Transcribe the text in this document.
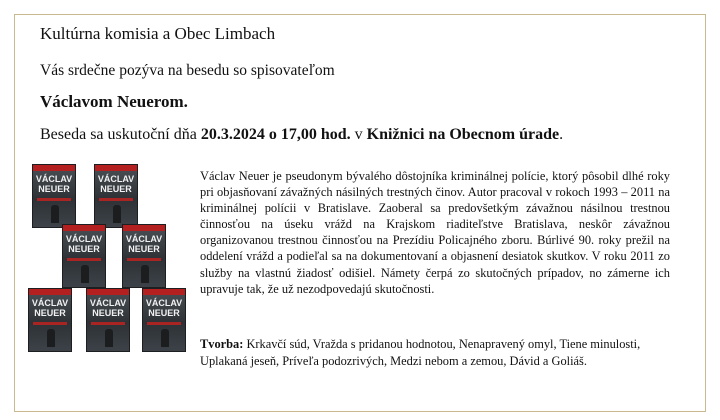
Kultúrna komisia a Obec Limbach
Vás srdečne pozýva na besedu so spisovateľom
Václavom Neuerom.
Beseda sa uskutoční dňa 20.3.2024 o 17,00 hod. v Knižnici na Obecnom úrade.
VÁCLAV
NEUER
VÁCLAV
NEUER
VÁCLAV
NEUER
VÁCLAV
NEUER
VÁCLAV
NEUER
VÁCLAV
NEUER
VÁCLAV
NEUER
Václav Neuer je pseudonym bývalého dôstojníka kriminálnej polície, ktorý pôsobil dlhé roky pri objasňovaní závažných násilných trestných činov. Autor pracoval v rokoch 1993 – 2011 na kriminálnej polícii v Bratislave. Zaoberal sa predovšetkým závažnou násilnou trestnou činnosťou na úseku vrážd na Krajskom riaditeľstve Bratislava, neskôr závažnou organizovanou trestnou činnosťou na Prezídiu Policajného zboru. Búrlivé 90. roky prežil na oddelení vrážd a podieľal sa na dokumentovaní a objasnení desiatok skutkov. V roku 2011 zo služby na vlastnú žiadosť odišiel. Námety čerpá zo skutočných prípadov, no zámerne ich upravuje tak, že už nezodpovedajú skutočnosti.
Tvorba: Krkavčí súd, Vražda s pridanou hodnotou, Nenapravený omyl, Tiene minulosti, Uplakaná jeseň, Príveľa podozrivých, Medzi nebom a zemou, Dávid a Goliáš.
